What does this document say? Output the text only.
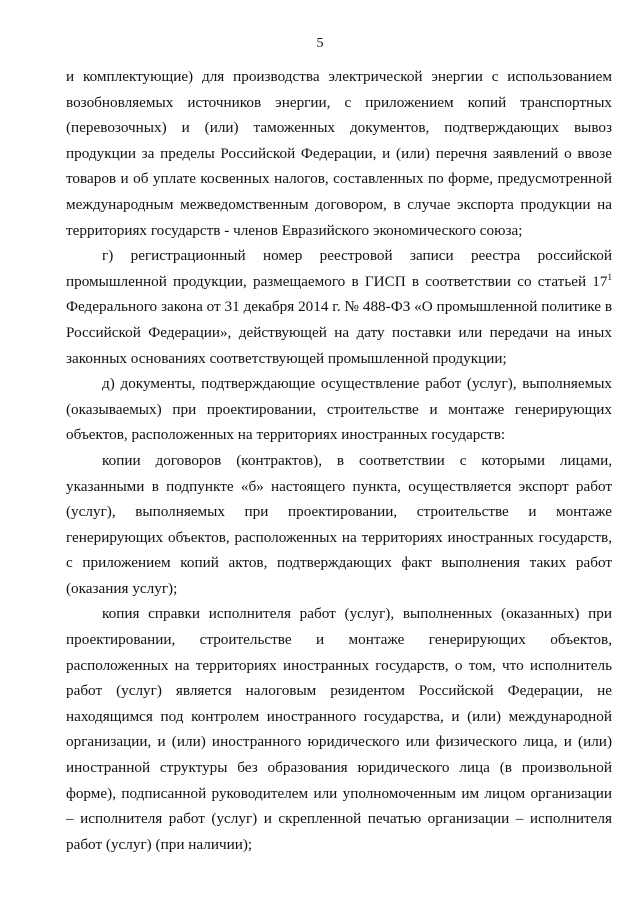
5

и комплектующие) для производства электрической энергии с использованием возобновляемых источников энергии, с приложением копий транспортных (перевозочных) и (или) таможенных документов, подтверждающих вывоз продукции за пределы Российской Федерации, и (или) перечня заявлений о ввозе товаров и об уплате косвенных налогов, составленных по форме, предусмотренной международным межведомственным договором, в случае экспорта продукции на территориях государств - членов Евразийского экономического союза;

г) регистрационный номер реестровой записи реестра российской промышленной продукции, размещаемого в ГИСП в соответствии со статьей $17^1$ Федерального закона от 31 декабря 2014 г. № 488-ФЗ «О промышленной политике в Российской Федерации», действующей на дату поставки или передачи на иных законных основаниях соответствующей промышленной продукции;

д) документы, подтверждающие осуществление работ (услуг), выполняемых (оказываемых) при проектировании, строительстве и монтаже генерирующих объектов, расположенных на территориях иностранных государств:

копии договоров (контрактов), в соответствии с которыми лицами, указанными в подпункте «б» настоящего пункта, осуществляется экспорт работ (услуг), выполняемых при проектировании, строительстве и монтаже генерирующих объектов, расположенных на территориях иностранных государств, с приложением копий актов, подтверждающих факт выполнения таких работ (оказания услуг);

копия справки исполнителя работ (услуг), выполненных (оказанных) при проектировании, строительстве и монтаже генерирующих объектов, расположенных на территориях иностранных государств, о том, что исполнитель работ (услуг) является налоговым резидентом Российской Федерации, не находящимся под контролем иностранного государства, и (или) международной организации, и (или) иностранного юридического или физического лица, и (или) иностранной структуры без образования юридического лица (в произвольной форме), подписанной руководителем или уполномоченным им лицом организации – исполнителя работ (услуг) и скрепленной печатью организации – исполнителя работ (услуг) (при наличии);
